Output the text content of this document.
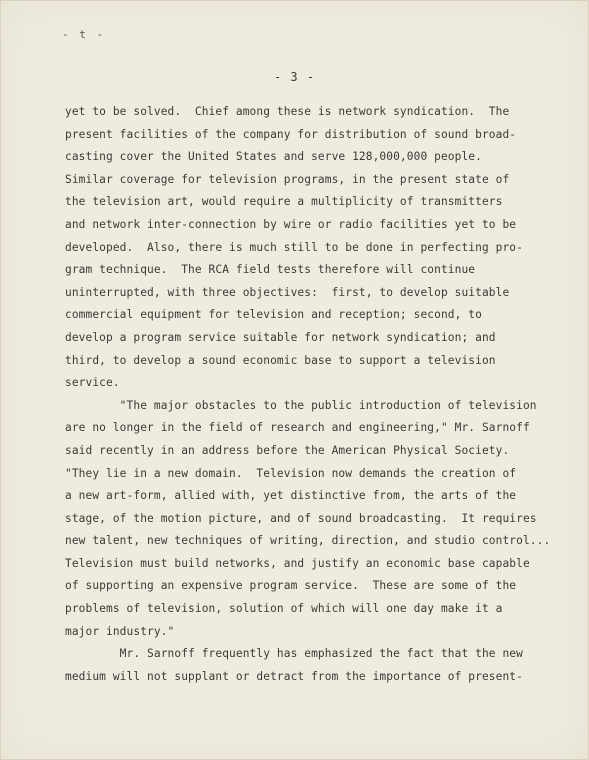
- t -
- 3 -
yet to be solved.  Chief among these is network syndication.  The
present facilities of the company for distribution of sound broad-
casting cover the United States and serve 128,000,000 people.
Similar coverage for television programs, in the present state of
the television art, would require a multiplicity of transmitters
and network inter-connection by wire or radio facilities yet to be
developed.  Also, there is much still to be done in perfecting pro-
gram technique.  The RCA field tests therefore will continue
uninterrupted, with three objectives:  first, to develop suitable
commercial equipment for television and reception; second, to
develop a program service suitable for network syndication; and
third, to develop a sound economic base to support a television
service.
"The major obstacles to the public introduction of television
are no longer in the field of research and engineering," Mr. Sarnoff
said recently in an address before the American Physical Society.
"They lie in a new domain.  Television now demands the creation of
a new art-form, allied with, yet distinctive from, the arts of the
stage, of the motion picture, and of sound broadcasting.  It requires
new talent, new techniques of writing, direction, and studio control...
Television must build networks, and justify an economic base capable
of supporting an expensive program service.  These are some of the
problems of television, solution of which will one day make it a
major industry."
Mr. Sarnoff frequently has emphasized the fact that the new
medium will not supplant or detract from the importance of present-
